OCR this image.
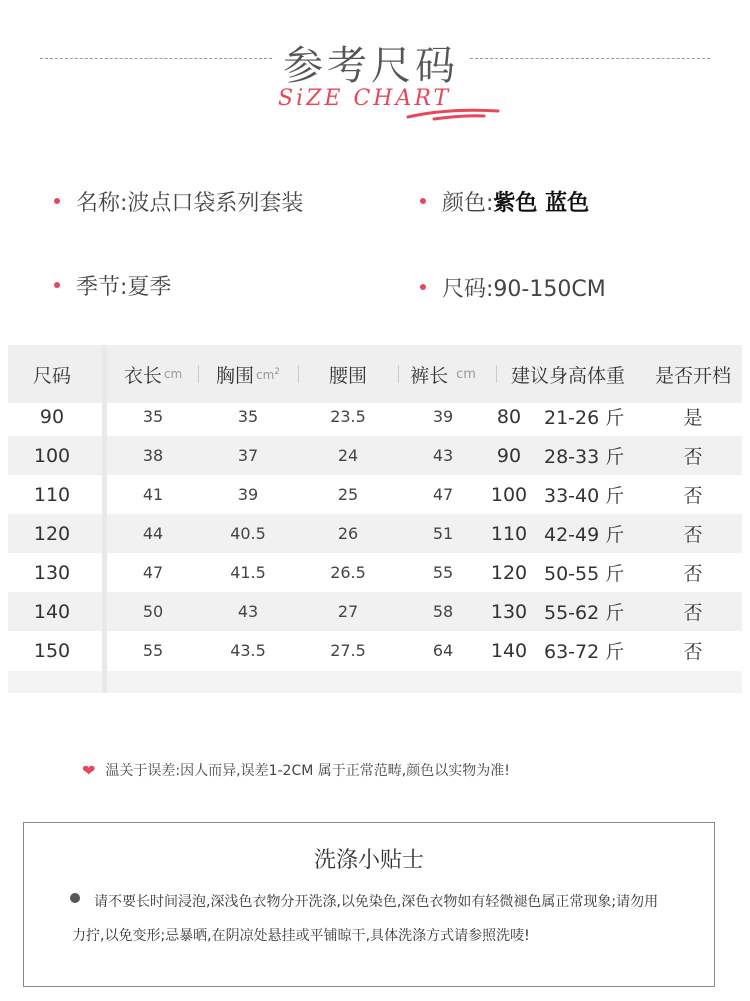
参考尺码
SiZE CHART
名称:波点口袋系列套装	颜色:紫色 蓝色
季节:夏季	尺码:90-150CM
尺码	衣长 cm 胸围 $cm^2$	腰围	裤长 cm	建议身高体重	是否开档
90	35	35	23.5	39	80	21-26 斤	是
100	38	37	24	43	90	28-33 斤	否
110	41	39	25	47	100 33-40 斤	否
120	44	40.5	26	51	110 42-49 斤	否
130	47	41.5	26.5	55	120 50-55 斤	否
140	50	43	27	58	130 55-62 斤	否
150	55	43.5	27.5	64	140 63-72 斤	否
❤ 温关于误差:因人而异,误差1-2CM 属于正常范畴,颜色以实物为准!
洗涤小贴士
请不要长时间浸泡,深浅色衣物分开洗涤,以免染色,深色衣物如有轻微褪色属正常现象;请勿用力拧,以免变形;忌暴晒,在阴凉处悬挂或平铺晾干,具体洗涤方式请参照洗唛!
